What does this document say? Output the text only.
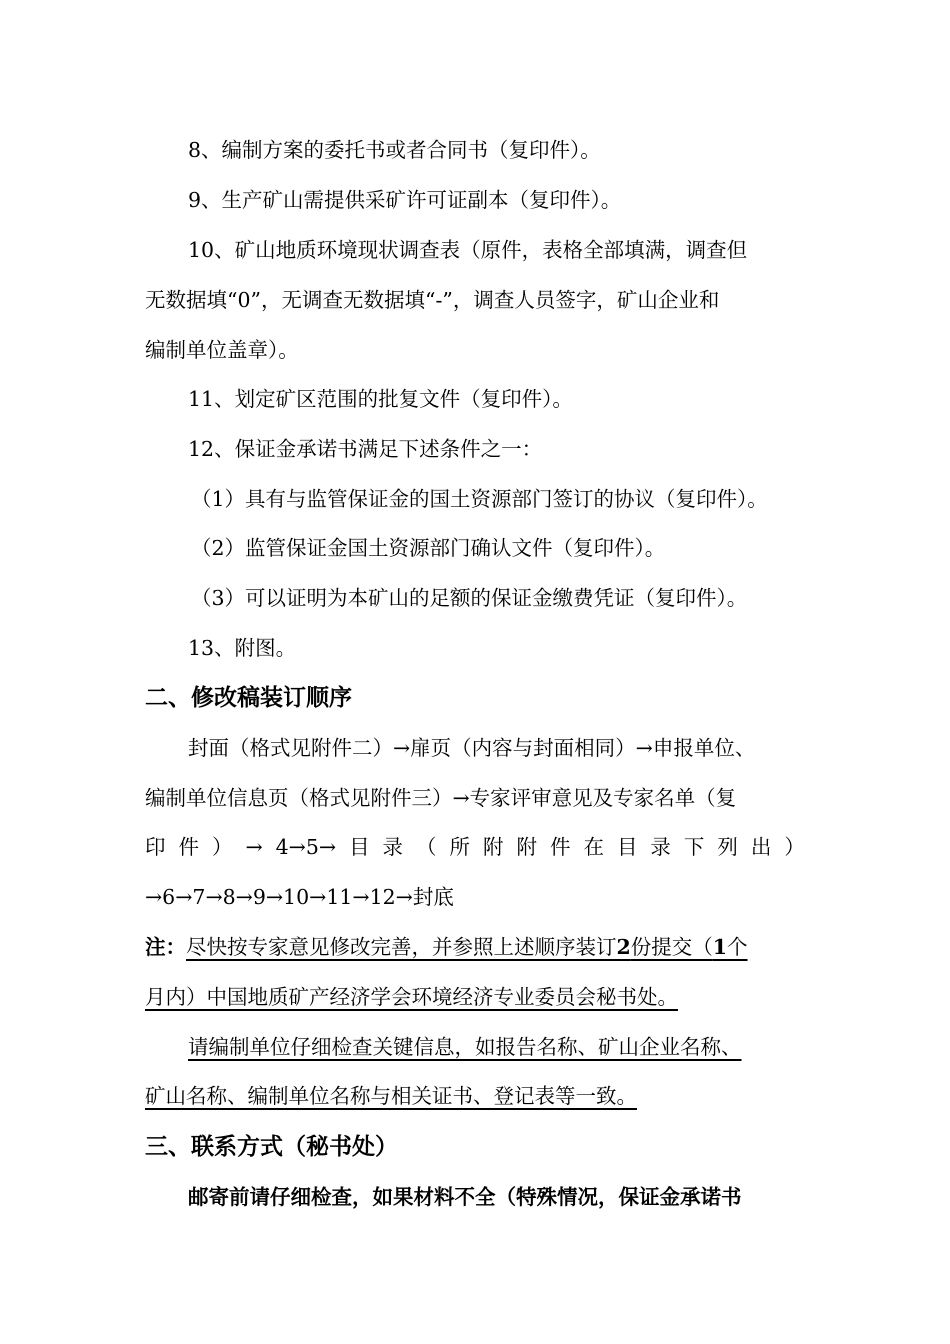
8、编制方案的委托书或者合同书（复印件）。
9、生产矿山需提供采矿许可证副本（复印件）。
10、矿山地质环境现状调查表（原件，表格全部填满，调查但
无数据填“0”，无调查无数据填“-”，调查人员签字，矿山企业和
编制单位盖章）。
11、划定矿区范围的批复文件（复印件）。
12、保证金承诺书满足下述条件之一：
（1）具有与监管保证金的国土资源部门签订的协议（复印件）。
（2）监管保证金国土资源部门确认文件（复印件）。
（3）可以证明为本矿山的足额的保证金缴费凭证（复印件）。
13、附图。
二、修改稿装订顺序
封面（格式见附件二）→扉页（内容与封面相同）→申报单位、
编制单位信息页（格式见附件三）→专家评审意见及专家名单（复
印 件 ） → 4→5→ 目 录 （ 所 附 附 件 在 目 录 下 列 出 ）
→6→7→8→9→10→11→12→封底
注：尽快按专家意见修改完善，并参照上述顺序装订2份提交（1个
月内）中国地质矿产经济学会环境经济专业委员会秘书处。
请编制单位仔细检查关键信息，如报告名称、矿山企业名称、
矿山名称、编制单位名称与相关证书、登记表等一致。
三、联系方式（秘书处）
邮寄前请仔细检查，如果材料不全（特殊情况，保证金承诺书
